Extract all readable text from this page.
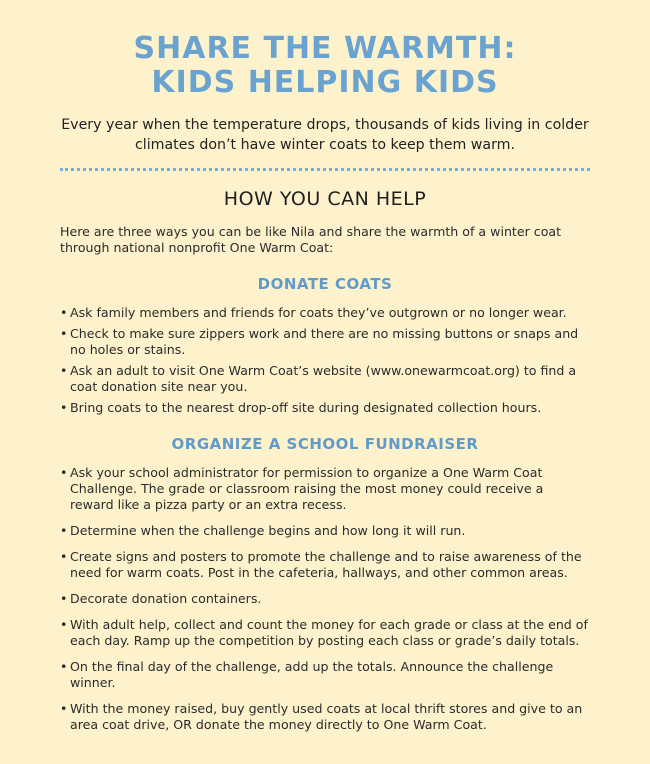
SHARE THE WARMTH:
KIDS HELPING KIDS

Every year when the temperature drops, thousands of kids living in colder climates don’t have winter coats to keep them warm.

HOW YOU CAN HELP

Here are three ways you can be like Nila and share the warmth of a winter coat through national nonprofit One Warm Coat:

DONATE COATS
• Ask family members and friends for coats they’ve outgrown or no longer wear.
• Check to make sure zippers work and there are no missing buttons or snaps and no holes or stains.
• Ask an adult to visit One Warm Coat’s website (www.onewarmcoat.org) to find a coat donation site near you.
• Bring coats to the nearest drop-off site during designated collection hours.
ORGANIZE A SCHOOL FUNDRAISER
• Ask your school administrator for permission to organize a One Warm Coat Challenge. The grade or classroom raising the most money could receive a reward like a pizza party or an extra recess.
• Determine when the challenge begins and how long it will run.
• Create signs and posters to promote the challenge and to raise awareness of the need for warm coats. Post in the cafeteria, hallways, and other common areas.
• Decorate donation containers.
• With adult help, collect and count the money for each grade or class at the end of each day. Ramp up the competition by posting each class or grade’s daily totals.
• On the final day of the challenge, add up the totals. Announce the challenge winner.
• With the money raised, buy gently used coats at local thrift stores and give to an area coat drive, OR donate the money directly to One Warm Coat.
